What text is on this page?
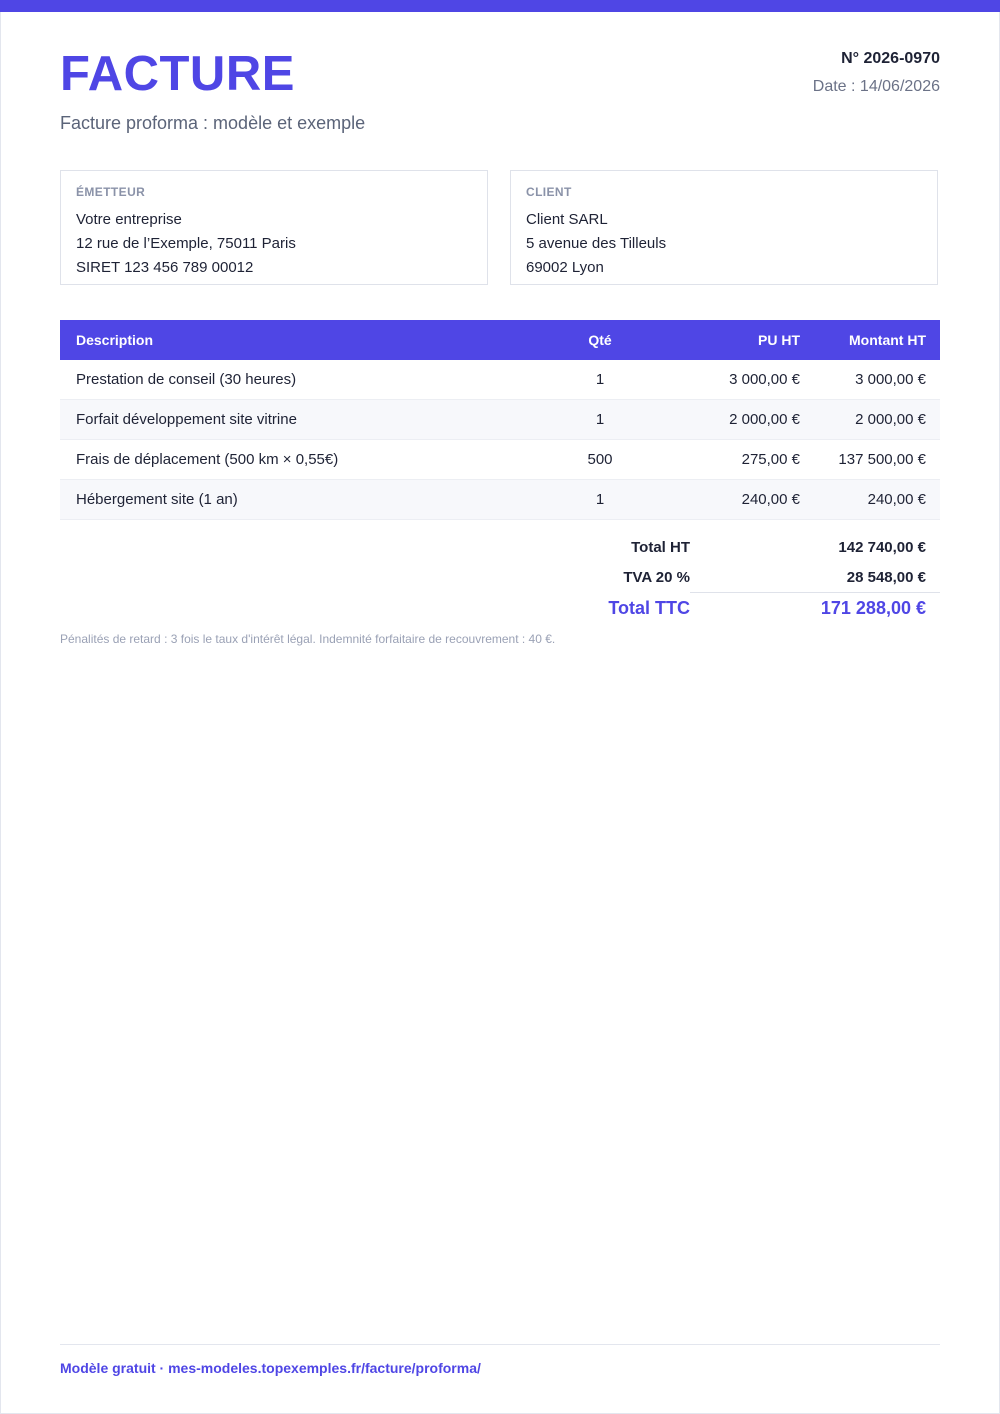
FACTURE
Facture proforma : modèle et exemple
N° 2026-0970
Date : 14/06/2026
ÉMETTEUR
Votre entreprise
12 rue de l’Exemple, 75011 Paris
SIRET 123 456 789 00012
CLIENT
Client SARL
5 avenue des Tilleuls
69002 Lyon
Description	Qté	PU HT	Montant HT
Prestation de conseil (30 heures)	1	3 000,00 €	3 000,00 €
Forfait développement site vitrine	1	2 000,00 €	2 000,00 €
Frais de déplacement (500 km × 0,55€)	500	275,00 €	137 500,00 €
Hébergement site (1 an)	1	240,00 €	240,00 €
Total HT	142 740,00 €
TVA 20 %	28 548,00 €
Total TTC	171 288,00 €
Pénalités de retard : 3 fois le taux d'intérêt légal. Indemnité forfaitaire de recouvrement : 40 €.
Modèle gratuit · mes-modeles.topexemples.fr/facture/proforma/
